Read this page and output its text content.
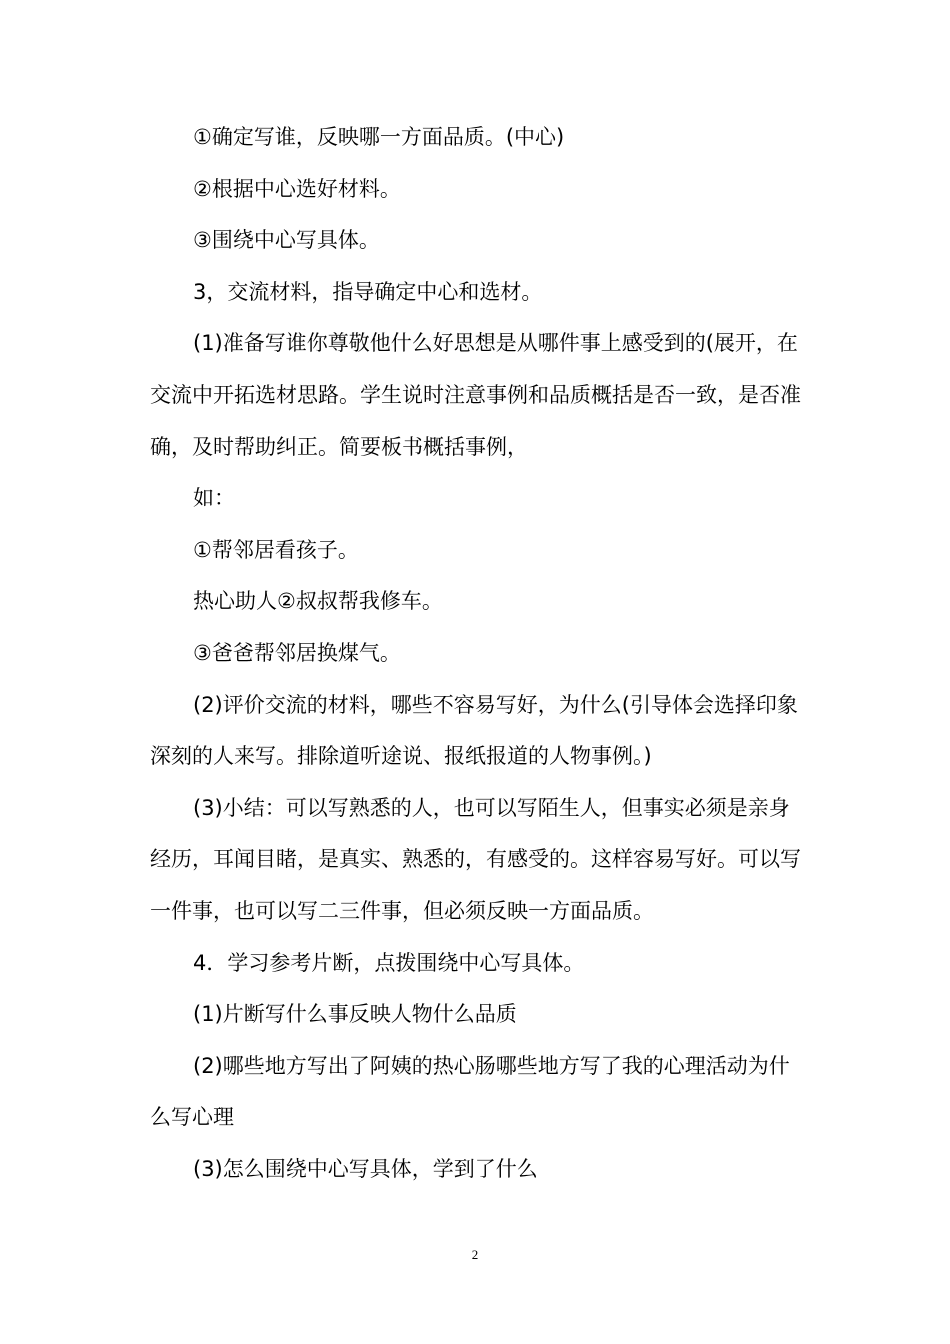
①确定写谁，反映哪一方面品质。(中心)

②根据中心选好材料。

③围绕中心写具体。

3，交流材料，指导确定中心和选材。

(1)准备写谁你尊敬他什么好思想是从哪件事上感受到的(展开，在交流中开拓选材思路。学生说时注意事例和品质概括是否一致，是否准确，及时帮助纠正。简要板书概括事例，

如：

①帮邻居看孩子。

热心助人②叔叔帮我修车。

③爸爸帮邻居换煤气。

(2)评价交流的材料，哪些不容易写好，为什么(引导体会选择印象深刻的人来写。排除道听途说、报纸报道的人物事例。)

(3)小结：可以写熟悉的人，也可以写陌生人，但事实必须是亲身经历，耳闻目睹，是真实、熟悉的，有感受的。这样容易写好。可以写一件事，也可以写二三件事，但必须反映一方面品质。

4．学习参考片断，点拨围绕中心写具体。

(1)片断写什么事反映人物什么品质

(2)哪些地方写出了阿姨的热心肠哪些地方写了我的心理活动为什么写心理

(3)怎么围绕中心写具体，学到了什么

2
